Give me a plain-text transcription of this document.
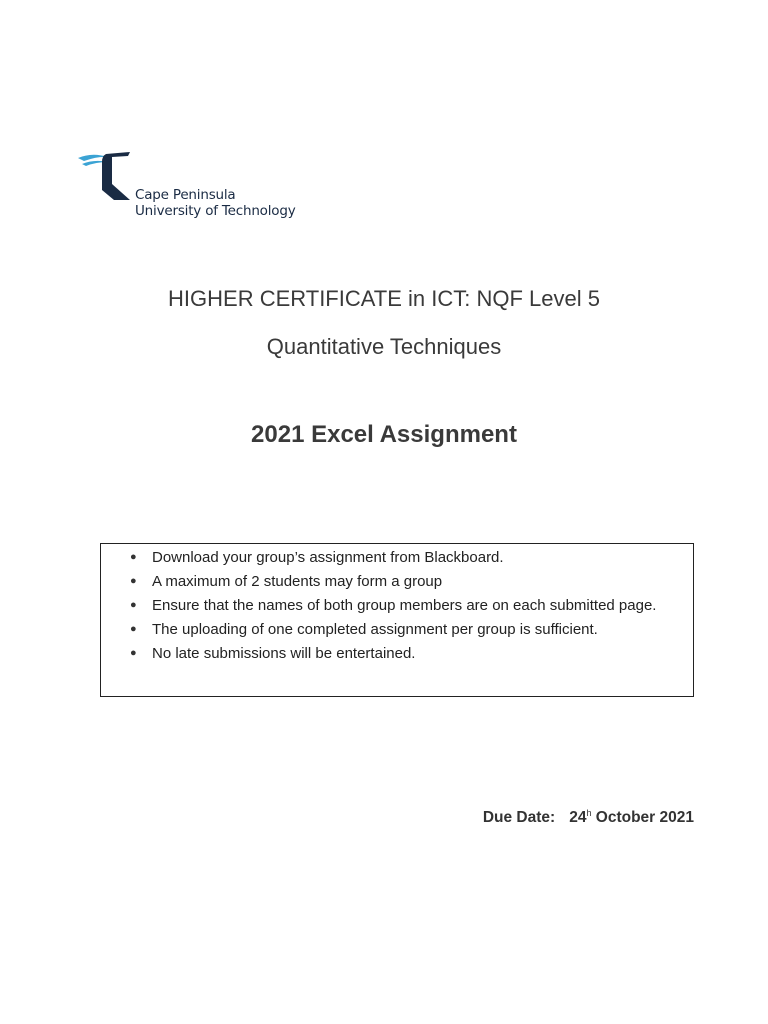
Cape Peninsula
University of Technology
HIGHER CERTIFICATE in ICT: NQF Level 5
Quantitative Techniques
2021 Excel Assignment
● Download your group’s assignment from Blackboard.
● A maximum of 2 students may form a group
● Ensure that the names of both group members are on each submitted page.
● The uploading of one completed assignment per group is sufficient.
● No late submissions will be entertained.
Due Date: 24$^h$ October 2021
